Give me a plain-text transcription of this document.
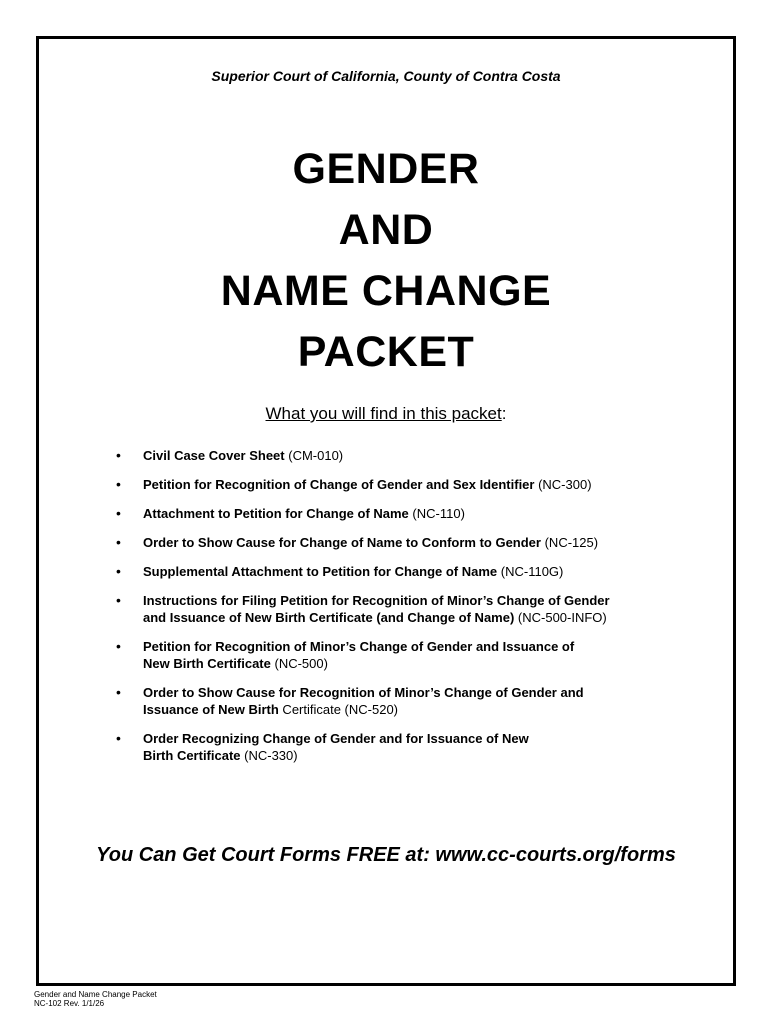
Superior Court of California, County of Contra Costa
GENDER
AND
NAME CHANGE
PACKET
What you will find in this packet:
• Civil Case Cover Sheet (CM-010)
• Petition for Recognition of Change of Gender and Sex Identifier (NC-300)
• Attachment to Petition for Change of Name (NC-110)
• Order to Show Cause for Change of Name to Conform to Gender (NC-125)
• Supplemental Attachment to Petition for Change of Name (NC-110G)
• Instructions for Filing Petition for Recognition of Minor’s Change of Gender
and Issuance of New Birth Certificate (and Change of Name) (NC-500-INFO)
• Petition for Recognition of Minor’s Change of Gender and Issuance of
New Birth Certificate (NC-500)
• Order to Show Cause for Recognition of Minor’s Change of Gender and
Issuance of New Birth Certificate (NC-520)
• Order Recognizing Change of Gender and for Issuance of New
Birth Certificate (NC-330)
You Can Get Court Forms FREE at: www.cc-courts.org/forms
Gender and Name Change Packet
NC-102 Rev. 1/1/26
